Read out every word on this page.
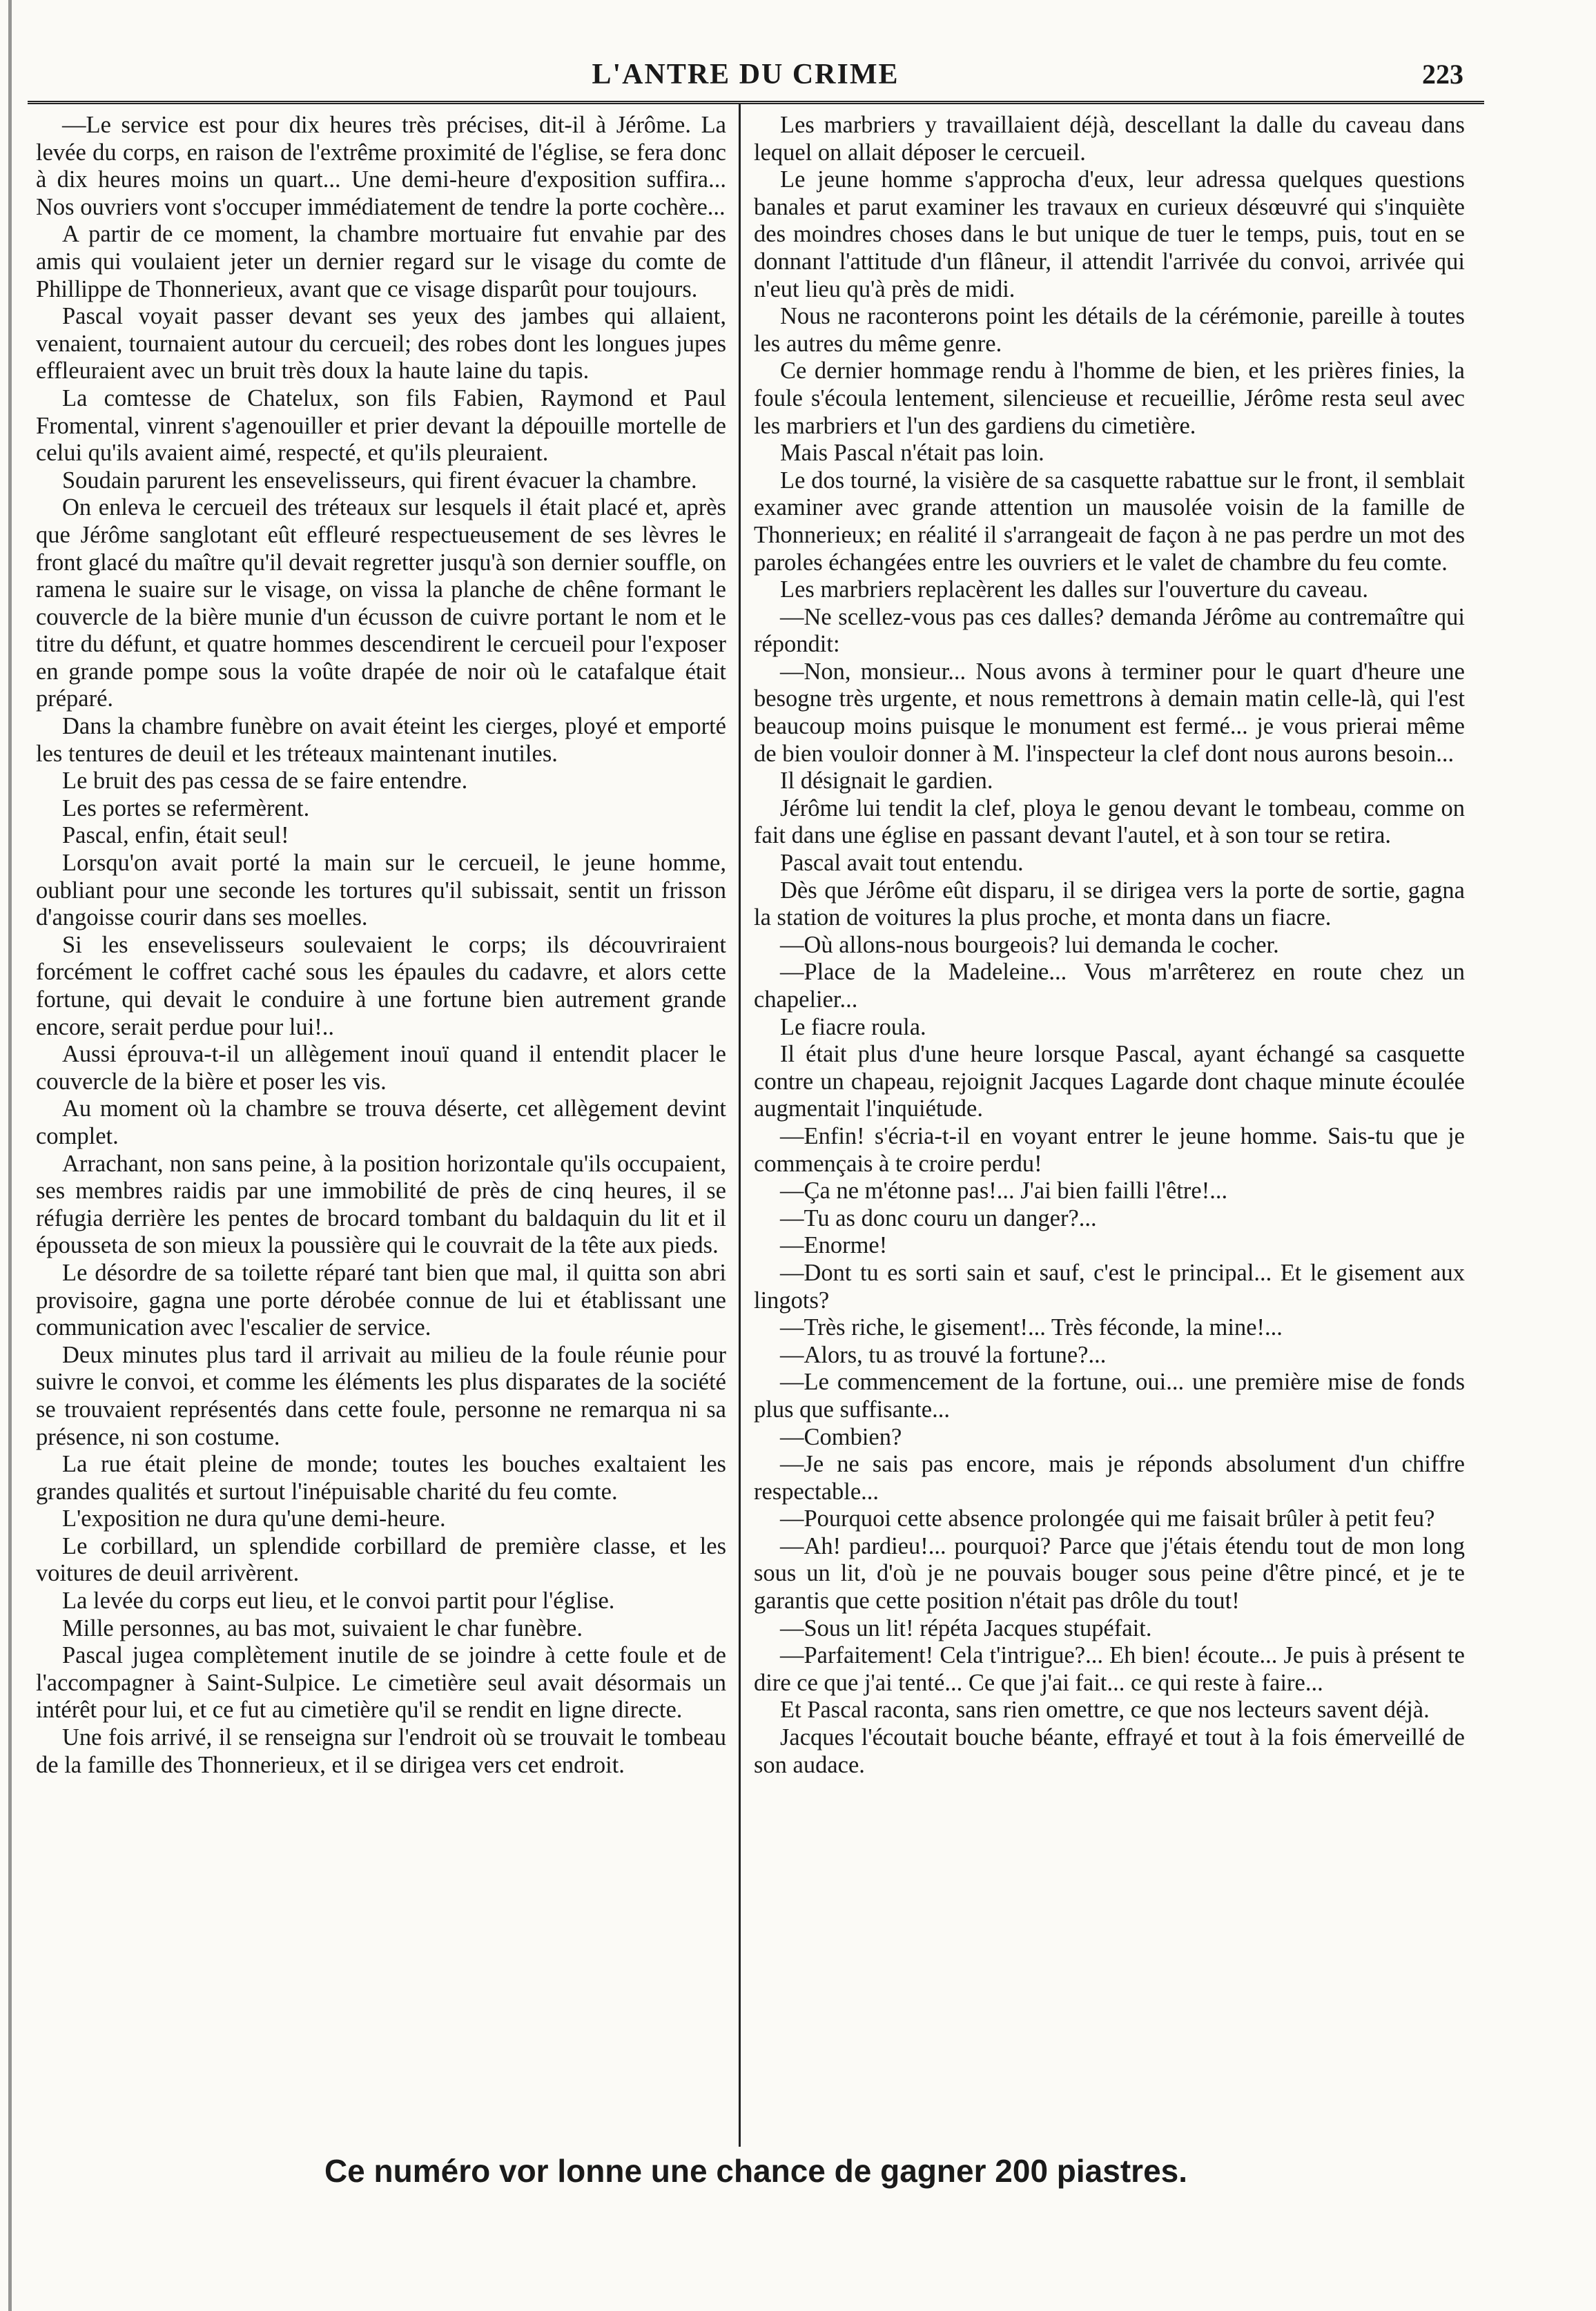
L'ANTRE DU CRIME	223

—Le service est pour dix heures très précises, dit-il à Jérôme. La levée du corps, en raison de l'extrême proximité de l'église, se fera donc à dix heures moins un quart... Une demi-heure d'exposition suffira... Nos ouvriers vont s'occuper immédiatement de tendre la porte cochère...

A partir de ce moment, la chambre mortuaire fut envahie par des amis qui voulaient jeter un dernier regard sur le visage du comte de Phillippe de Thonnerieux, avant que ce visage disparût pour toujours.

Pascal voyait passer devant ses yeux des jambes qui allaient, venaient, tournaient autour du cercueil; des robes dont les longues jupes effleuraient avec un bruit très doux la haute laine du tapis.

La comtesse de Chatelux, son fils Fabien, Raymond et Paul Fromental, vinrent s'agenouiller et prier devant la dépouille mortelle de celui qu'ils avaient aimé, respecté, et qu'ils pleuraient.

Soudain parurent les ensevelisseurs, qui firent évacuer la chambre.

On enleva le cercueil des tréteaux sur lesquels il était placé et, après que Jérôme sanglotant eût effleuré respectueusement de ses lèvres le front glacé du maître qu'il devait regretter jusqu'à son dernier souffle, on ramena le suaire sur le visage, on vissa la planche de chêne formant le couvercle de la bière munie d'un écusson de cuivre portant le nom et le titre du défunt, et quatre hommes descendirent le cercueil pour l'exposer en grande pompe sous la voûte drapée de noir où le catafalque était préparé.

Dans la chambre funèbre on avait éteint les cierges, ployé et emporté les tentures de deuil et les tréteaux maintenant inutiles.

Le bruit des pas cessa de se faire entendre.

Les portes se refermèrent.

Pascal, enfin, était seul!

Lorsqu'on avait porté la main sur le cercueil, le jeune homme, oubliant pour une seconde les tortures qu'il subissait, sentit un frisson d'angoisse courir dans ses moelles.

Si les ensevelisseurs soulevaient le corps; ils découvriraient forcément le coffret caché sous les épaules du cadavre, et alors cette fortune, qui devait le conduire à une fortune bien autrement grande encore, serait perdue pour lui!..

Aussi éprouva-t-il un allègement inouï quand il entendit placer le couvercle de la bière et poser les vis.

Au moment où la chambre se trouva déserte, cet allègement devint complet.

Arrachant, non sans peine, à la position horizontale qu'ils occupaient, ses membres raidis par une immobilité de près de cinq heures, il se réfugia derrière les pentes de brocard tombant du baldaquin du lit et il épousseta de son mieux la poussière qui le couvrait de la tête aux pieds.

Le désordre de sa toilette réparé tant bien que mal, il quitta son abri provisoire, gagna une porte dérobée connue de lui et établissant une communication avec l'escalier de service.

Deux minutes plus tard il arrivait au milieu de la foule réunie pour suivre le convoi, et comme les éléments les plus disparates de la société se trouvaient représentés dans cette foule, personne ne remarqua ni sa présence, ni son costume.

La rue était pleine de monde; toutes les bouches exaltaient les grandes qualités et surtout l'inépuisable charité du feu comte.

L'exposition ne dura qu'une demi-heure.

Le corbillard, un splendide corbillard de première classe, et les voitures de deuil arrivèrent.

La levée du corps eut lieu, et le convoi partit pour l'église.

Mille personnes, au bas mot, suivaient le char funèbre.

Pascal jugea complètement inutile de se joindre à cette foule et de l'accompagner à Saint-Sulpice. Le cimetière seul avait désormais un intérêt pour lui, et ce fut au cimetière qu'il se rendit en ligne directe.

Une fois arrivé, il se renseigna sur l'endroit où se trouvait le tombeau de la famille des Thonnerieux, et il se dirigea vers cet endroit.

Les marbriers y travaillaient déjà, descellant la dalle du caveau dans lequel on allait déposer le cercueil.

Le jeune homme s'approcha d'eux, leur adressa quelques questions banales et parut examiner les travaux en curieux désœuvré qui s'inquiète des moindres choses dans le but unique de tuer le temps, puis, tout en se donnant l'attitude d'un flâneur, il attendit l'arrivée du convoi, arrivée qui n'eut lieu qu'à près de midi.

Nous ne raconterons point les détails de la cérémonie, pareille à toutes les autres du même genre.

Ce dernier hommage rendu à l'homme de bien, et les prières finies, la foule s'écoula lentement, silencieuse et recueillie, Jérôme resta seul avec les marbriers et l'un des gardiens du cimetière.

Mais Pascal n'était pas loin.

Le dos tourné, la visière de sa casquette rabattue sur le front, il semblait examiner avec grande attention un mausolée voisin de la famille de Thonnerieux; en réalité il s'arrangeait de façon à ne pas perdre un mot des paroles échangées entre les ouvriers et le valet de chambre du feu comte.

Les marbriers replacèrent les dalles sur l'ouverture du caveau.

—Ne scellez-vous pas ces dalles? demanda Jérôme au contremaître qui répondit:

—Non, monsieur... Nous avons à terminer pour le quart d'heure une besogne très urgente, et nous remettrons à demain matin celle-là, qui l'est beaucoup moins puisque le monument est fermé... je vous prierai même de bien vouloir donner à M. l'inspecteur la clef dont nous aurons besoin...

Il désignait le gardien.

Jérôme lui tendit la clef, ploya le genou devant le tombeau, comme on fait dans une église en passant devant l'autel, et à son tour se retira.

Pascal avait tout entendu.

Dès que Jérôme eût disparu, il se dirigea vers la porte de sortie, gagna la station de voitures la plus proche, et monta dans un fiacre.

—Où allons-nous bourgeois? lui demanda le cocher.

—Place de la Madeleine... Vous m'arrêterez en route chez un chapelier...

Le fiacre roula.

Il était plus d'une heure lorsque Pascal, ayant échangé sa casquette contre un chapeau, rejoignit Jacques Lagarde dont chaque minute écoulée augmentait l'inquiétude.

—Enfin! s'écria-t-il en voyant entrer le jeune homme. Sais-tu que je commençais à te croire perdu!

—Ça ne m'étonne pas!... J'ai bien failli l'être!...

—Tu as donc couru un danger?...

—Enorme!

—Dont tu es sorti sain et sauf, c'est le principal... Et le gisement aux lingots?

—Très riche, le gisement!... Très féconde, la mine!...

—Alors, tu as trouvé la fortune?...

—Le commencement de la fortune, oui... une première mise de fonds plus que suffisante...

—Combien?

—Je ne sais pas encore, mais je réponds absolument d'un chiffre respectable...

—Pourquoi cette absence prolongée qui me faisait brûler à petit feu?

—Ah! pardieu!... pourquoi? Parce que j'étais étendu tout de mon long sous un lit, d'où je ne pouvais bouger sous peine d'être pincé, et je te garantis que cette position n'était pas drôle du tout!

—Sous un lit! répéta Jacques stupéfait.

—Parfaitement! Cela t'intrigue?... Eh bien! écoute... Je puis à présent te dire ce que j'ai tenté... Ce que j'ai fait... ce qui reste à faire...

Et Pascal raconta, sans rien omettre, ce que nos lecteurs savent déjà.

Jacques l'écoutait bouche béante, effrayé et tout à la fois émerveillé de son audace.

Ce numéro vor lonne une chance de gagner 200 piastres.
